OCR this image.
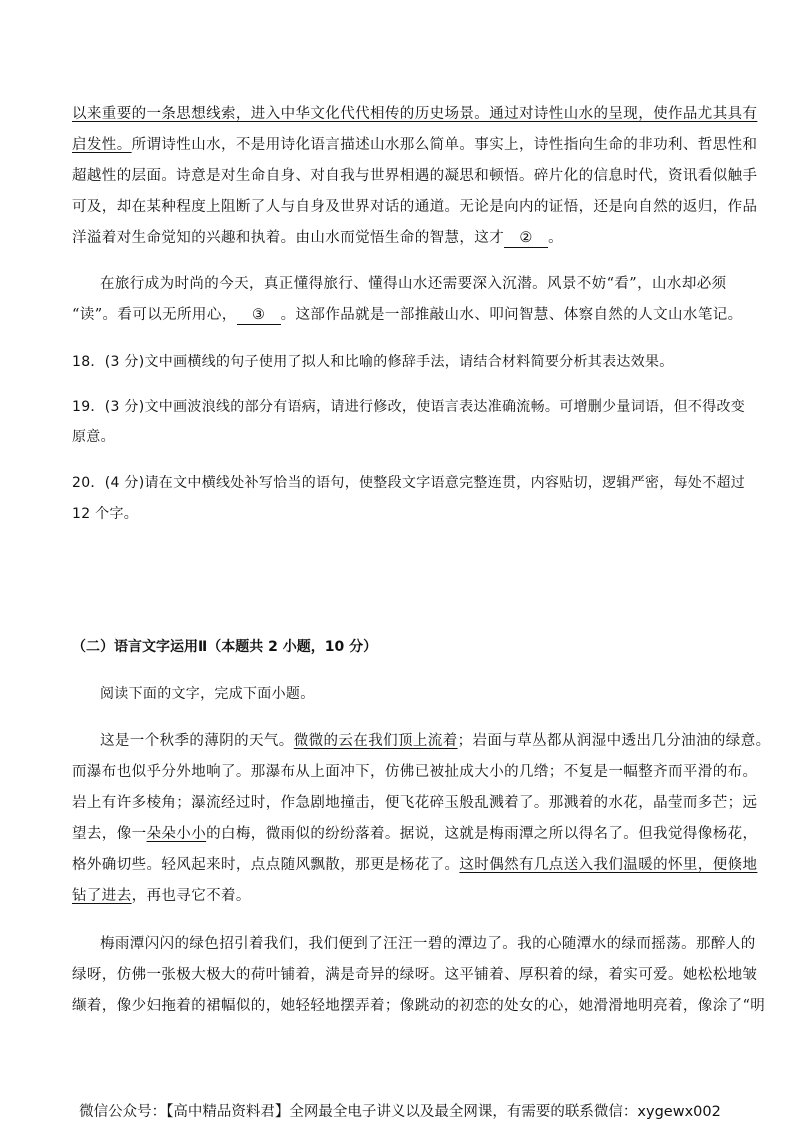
以来重要的一条思想线索，进入中华文化代代相传的历史场景。通过对诗性山水的呈现，使作品尤其具有
启发性。所谓诗性山水，不是用诗化语言描述山水那么简单。事实上，诗性指向生命的非功利、哲思性和
超越性的层面。诗意是对生命自身、对自我与世界相遇的凝思和顿悟。碎片化的信息时代，资讯看似触手
可及，却在某种程度上阻断了人与自身及世界对话的通道。无论是向内的证悟，还是向自然的返归，作品
洋溢着对生命觉知的兴趣和执着。由山水而觉悟生命的智慧，这才 ② 。
在旅行成为时尚的今天，真正懂得旅行、懂得山水还需要深入沉潜。风景不妨“看”，山水却必须
“读”。看可以无所用心， ③ 。这部作品就是一部推敲山水、叩问智慧、体察自然的人文山水笔记。
18．(3 分)文中画横线的句子使用了拟人和比喻的修辞手法，请结合材料简要分析其表达效果。
19．(3 分)文中画波浪线的部分有语病，请进行修改，使语言表达准确流畅。可增删少量词语，但不得改变
原意。
20．(4 分)请在文中横线处补写恰当的语句，使整段文字语意完整连贯，内容贴切，逻辑严密，每处不超过
12 个字。
（二）语言文字运用Ⅱ（本题共 2 小题，10 分）
阅读下面的文字，完成下面小题。
这是一个秋季的薄阴的天气。微微的云在我们顶上流着；岩面与草丛都从润湿中透出几分油油的绿意。
而瀑布也似乎分外地响了。那瀑布从上面冲下，仿佛已被扯成大小的几绺；不复是一幅整齐而平滑的布。
岩上有许多棱角；瀑流经过时，作急剧地撞击，便飞花碎玉般乱溅着了。那溅着的水花，晶莹而多芒；远
望去，像一朵朵小小的白梅，微雨似的纷纷落着。据说，这就是梅雨潭之所以得名了。但我觉得像杨花，
格外确切些。轻风起来时，点点随风飘散，那更是杨花了。这时偶然有几点送入我们温暖的怀里，便倏地
钻了进去，再也寻它不着。
梅雨潭闪闪的绿色招引着我们，我们便到了汪汪一碧的潭边了。我的心随潭水的绿而摇荡。那醉人的
绿呀，仿佛一张极大极大的荷叶铺着，满是奇异的绿呀。这平铺着、厚积着的绿，着实可爱。她松松地皱
缬着，像少妇拖着的裙幅似的，她轻轻地摆弄着；像跳动的初恋的处女的心，她滑滑地明亮着，像涂了“明
微信公众号：【高中精品资料君】全网最全电子讲义以及最全网课，有需要的联系微信：xygewx002
